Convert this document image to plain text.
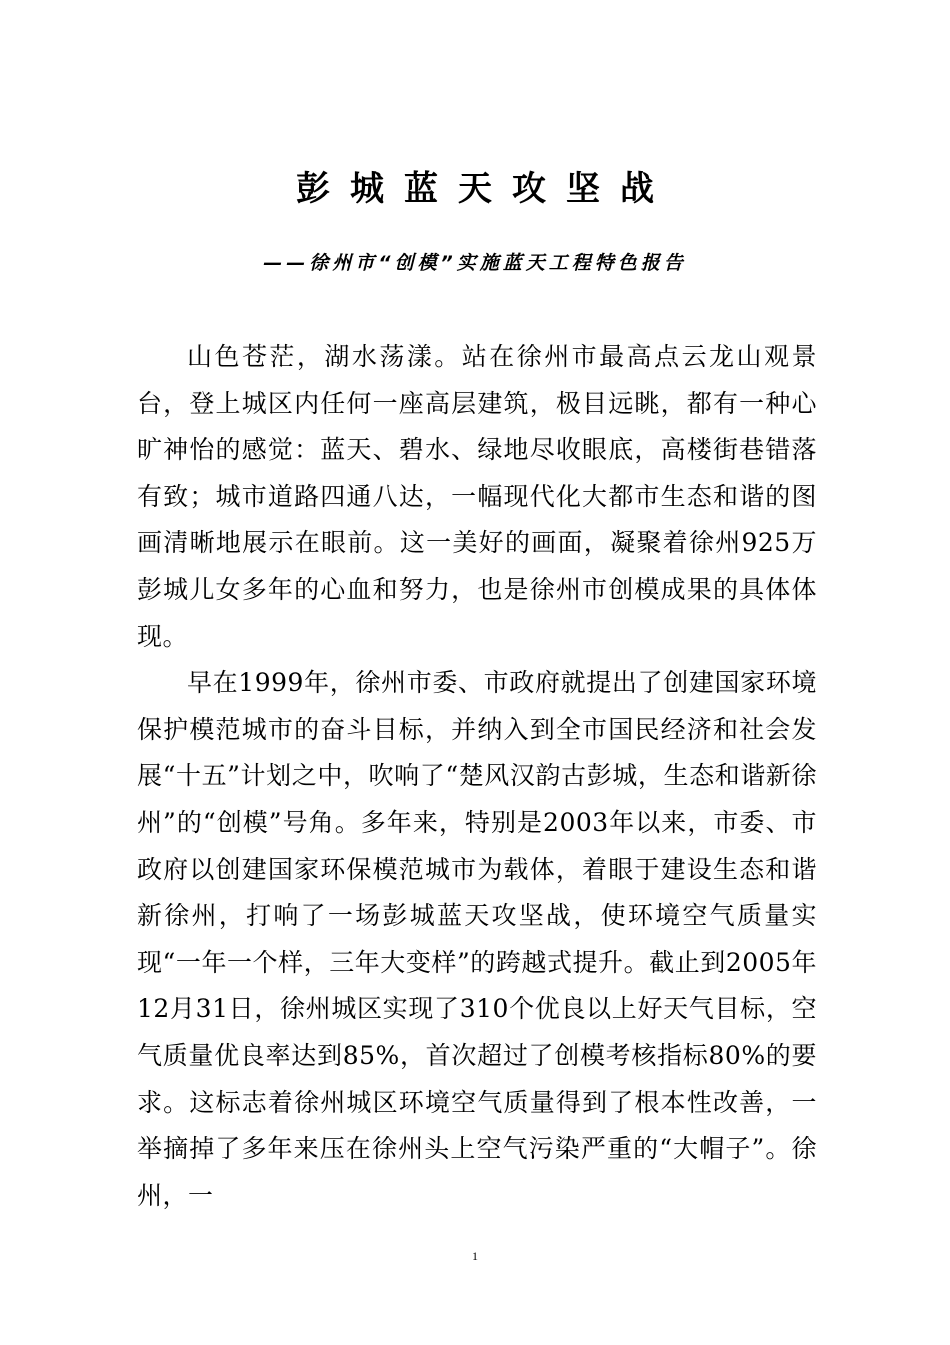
彭城蓝天攻坚战
——徐州市“创模”实施蓝天工程特色报告

山色苍茫，湖水荡漾。站在徐州市最高点云龙山观景台，登上城区内任何一座高层建筑，极目远眺，都有一种心旷神怡的感觉：蓝天、碧水、绿地尽收眼底，高楼街巷错落有致；城市道路四通八达，一幅现代化大都市生态和谐的图画清晰地展示在眼前。这一美好的画面，凝聚着徐州925万彭城儿女多年的心血和努力，也是徐州市创模成果的具体体现。

早在1999年，徐州市委、市政府就提出了创建国家环境保护模范城市的奋斗目标，并纳入到全市国民经济和社会发展“十五”计划之中，吹响了“楚风汉韵古彭城，生态和谐新徐州”的“创模”号角。多年来，特别是2003年以来，市委、市政府以创建国家环保模范城市为载体，着眼于建设生态和谐新徐州，打响了一场彭城蓝天攻坚战，使环境空气质量实现“一年一个样，三年大变样”的跨越式提升。截止到2005年12月31日，徐州城区实现了310个优良以上好天气目标，空气质量优良率达到85%，首次超过了创模考核指标80%的要求。这标志着徐州城区环境空气质量得到了根本性改善，一举摘掉了多年来压在徐州头上空气污染严重的“大帽子”。徐州，一

1
